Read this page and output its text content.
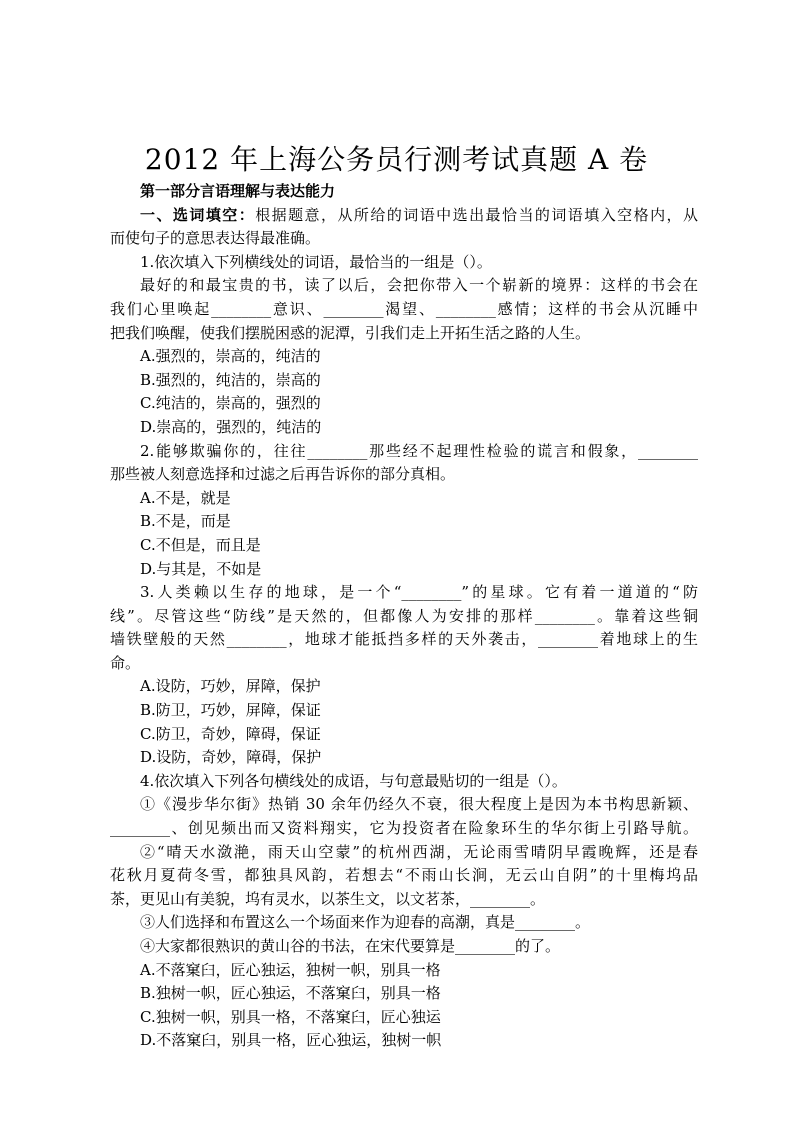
2012 年上海公务员行测考试真题 A 卷
第一部分言语理解与表达能力
一、选词填空：根据题意，从所给的词语中选出最恰当的词语填入空格内，从
而使句子的意思表达得最准确。
1.依次填入下列横线处的词语，最恰当的一组是（）。
最好的和最宝贵的书，读了以后，会把你带入一个崭新的境界：这样的书会在
我们心里唤起________意识、________渴望、________感情；这样的书会从沉睡中
把我们唤醒，使我们摆脱困惑的泥潭，引我们走上开拓生活之路的人生。
A.强烈的，崇高的，纯洁的
B.强烈的，纯洁的，崇高的
C.纯洁的，崇高的，强烈的
D.崇高的，强烈的，纯洁的
2.能够欺骗你的，往往________那些经不起理性检验的谎言和假象，________
那些被人刻意选择和过滤之后再告诉你的部分真相。
A.不是，就是
B.不是，而是
C.不但是，而且是
D.与其是，不如是
3.人类赖以生存的地球，是一个“________”的星球。它有着一道道的“防
线”。尽管这些“防线”是天然的，但都像人为安排的那样________。靠着这些铜
墙铁壁般的天然________，地球才能抵挡多样的天外袭击，________着地球上的生
命。
A.设防，巧妙，屏障，保护
B.防卫，巧妙，屏障，保证
C.防卫，奇妙，障碍，保证
D.设防，奇妙，障碍，保护
4.依次填入下列各句横线处的成语，与句意最贴切的一组是（）。
①《漫步华尔街》热销 30 余年仍经久不衰，很大程度上是因为本书构思新颖、
________、创见频出而又资料翔实，它为投资者在险象环生的华尔街上引路导航。
②“晴天水潋滟，雨天山空蒙”的杭州西湖，无论雨雪晴阴早霞晚辉，还是春
花秋月夏荷冬雪，都独具风韵，若想去“不雨山长涧，无云山自阴”的十里梅坞品
茶，更见山有美貌，坞有灵水，以茶生文，以文茗茶，________。
③人们选择和布置这么一个场面来作为迎春的高潮，真是________。
④大家都很熟识的黄山谷的书法，在宋代要算是________的了。
A.不落窠臼，匠心独运，独树一帜，别具一格
B.独树一帜，匠心独运，不落窠臼，别具一格
C.独树一帜，别具一格，不落窠臼，匠心独运
D.不落窠臼，别具一格，匠心独运，独树一帜
